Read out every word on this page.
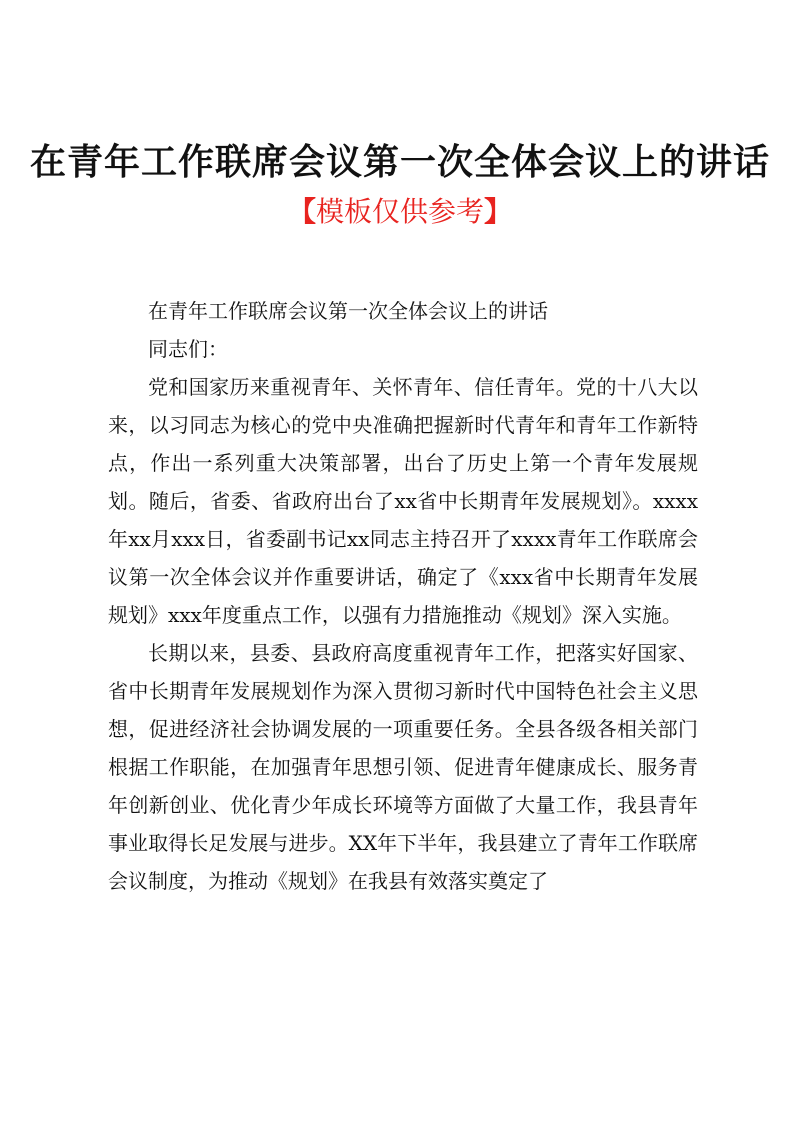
在青年工作联席会议第一次全体会议上的讲话
【模板仅供参考】

在青年工作联席会议第一次全体会议上的讲话

同志们：

党和国家历来重视青年、关怀青年、信任青年。党的十八大以来，以习同志为核心的党中央准确把握新时代青年和青年工作新特点，作出一系列重大决策部署，出台了历史上第一个青年发展规划。随后，省委、省政府出台了xx省中长期青年发展规划》。xxxx年xx月xxx日，省委副书记xx同志主持召开了xxxx青年工作联席会议第一次全体会议并作重要讲话，确定了《xxx省中长期青年发展规划》xxx年度重点工作，以强有力措施推动《规划》深入实施。

长期以来，县委、县政府高度重视青年工作，把落实好国家、省中长期青年发展规划作为深入贯彻习新时代中国特色社会主义思想，促进经济社会协调发展的一项重要任务。全县各级各相关部门根据工作职能，在加强青年思想引领、促进青年健康成长、服务青年创新创业、优化青少年成长环境等方面做了大量工作，我县青年事业取得长足发展与进步。XX年下半年，我县建立了青年工作联席会议制度，为推动《规划》在我县有效落实奠定了
